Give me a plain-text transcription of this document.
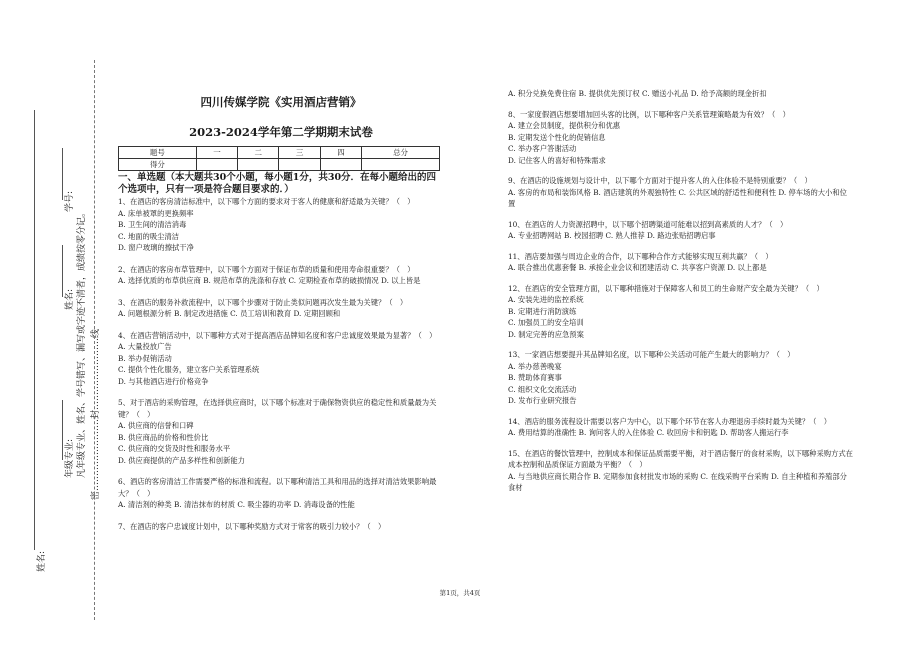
学号:
姓名:
年级专业: 凡年级专业、姓名、学号错写、漏写或字迹不清者，成绩按零分记。 密……………………封……………………线
姓名:

四川传媒学院《实用酒店营销》

2023-2024学年第二学期期末试卷

题号	一	二	三	四	总分
得分					
一、单选题（本大题共30个小题，每小题1分，共30分．在每小题给出的四个选项中，只有一项是符合题目要求的．）
1、在酒店的客房清洁标准中，以下哪个方面的要求对于客人的健康和舒适最为关键？（　）
A. 床单被罩的更换频率
B. 卫生间的清洁消毒
C. 地面的吸尘清洁
D. 窗户玻璃的擦拭干净
2、在酒店的客房布草管理中，以下哪个方面对于保证布草的质量和使用寿命很重要？（　）
A. 选择优质的布草供应商 B. 规范布草的洗涤和存放 C. 定期检查布草的破损情况 D. 以上皆是
3、在酒店的服务补救流程中，以下哪个步骤对于防止类似问题再次发生最为关键？（　）
A. 问题根源分析 B. 制定改进措施 C. 员工培训和教育 D. 定期回顾和
4、在酒店营销活动中，以下哪种方式对于提高酒店品牌知名度和客户忠诚度效果最为显著？（　）
A. 大量投放广告
B. 举办促销活动
C. 提供个性化服务，建立客户关系管理系统
D. 与其他酒店进行价格竞争
5、对于酒店的采购管理，在选择供应商时，以下哪个标准对于确保物资供应的稳定性和质量最为关键？（　）
A. 供应商的信誉和口碑
B. 供应商品的价格和性价比
C. 供应商的交货及时性和服务水平
D. 供应商提供的产品多样性和创新能力
6、酒店的客房清洁工作需要严格的标准和流程。以下哪种清洁工具和用品的选择对清洁效果影响最大？（　）
A. 清洁剂的种类 B. 清洁抹布的材质 C. 吸尘器的功率 D. 消毒设备的性能
7、在酒店的客户忠诚度计划中，以下哪种奖励方式对于常客的吸引力较小？（　）
A. 积分兑换免费住宿 B. 提供优先预订权 C. 赠送小礼品 D. 给予高额的现金折扣
8、一家度假酒店想要增加回头客的比例，以下哪种客户关系管理策略最为有效？（　）
A. 建立会员制度，提供积分和优惠
B. 定期发送个性化的促销信息
C. 举办客户答谢活动
D. 记住客人的喜好和特殊需求
9、在酒店的设施规划与设计中，以下哪个方面对于提升客人的入住体验不是特别重要？（　）
A. 客房的布局和装饰风格 B. 酒店建筑的外观独特性 C. 公共区域的舒适性和便利性 D. 停车场的大小和位置
10、在酒店的人力资源招聘中，以下哪个招聘渠道可能难以招到高素质的人才？（　）
A. 专业招聘网站 B. 校园招聘 C. 熟人推荐 D. 路边张贴招聘启事
11、酒店要加强与周边企业的合作，以下哪种合作方式能够实现互利共赢？（　）
A. 联合推出优惠套餐 B. 承接企业会议和团建活动 C. 共享客户资源 D. 以上都是
12、在酒店的安全管理方面，以下哪种措施对于保障客人和员工的生命财产安全最为关键？（　）
A. 安装先进的监控系统
B. 定期进行消防演练
C. 加强员工的安全培训
D. 制定完善的应急预案
13、一家酒店想要提升其品牌知名度，以下哪种公关活动可能产生最大的影响力？（　）
A. 举办慈善晚宴
B. 赞助体育赛事
C. 组织文化交流活动
D. 发布行业研究报告
14、酒店的服务流程设计需要以客户为中心，以下哪个环节在客人办理退房手续时最为关键？（　）
A. 费用结算的准确性 B. 询问客人的入住体验 C. 收回房卡和钥匙 D. 帮助客人搬运行李
15、在酒店的餐饮管理中，控制成本和保证品质需要平衡，对于酒店餐厅的食材采购，以下哪种采购方式在成本控制和品质保证方面最为平衡？（　）
A. 与当地供应商长期合作 B. 定期参加食材批发市场的采购 C. 在线采购平台采购 D. 自主种植和养殖部分食材
第1页，共4页
